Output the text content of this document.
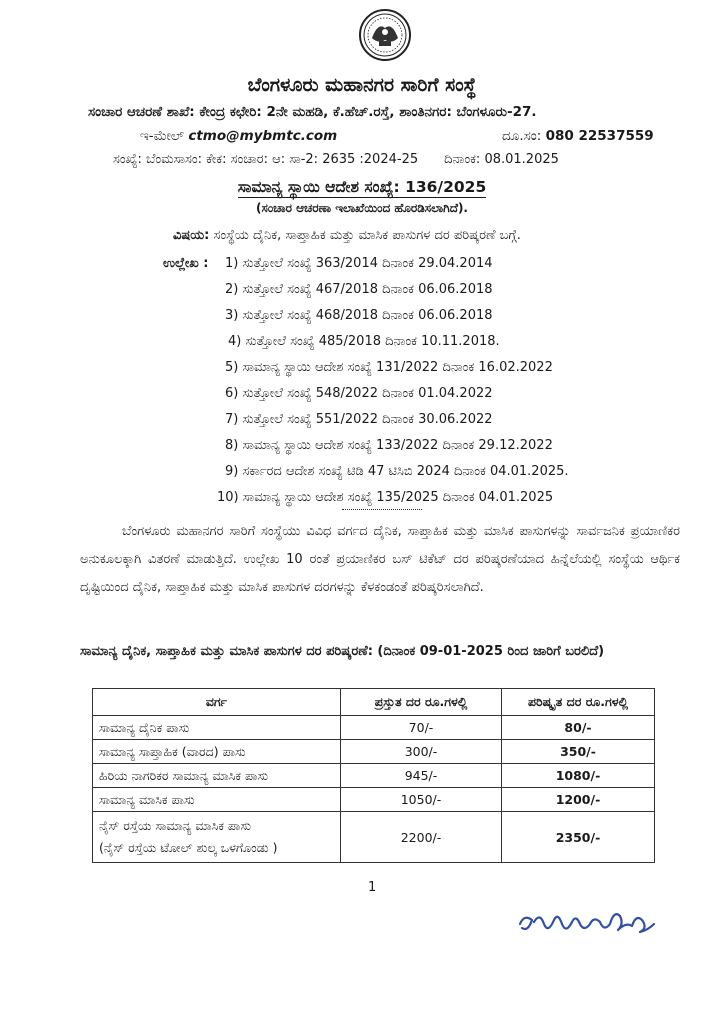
ಬೆಂಗಳೂರು ಮಹಾನಗರ ಸಾರಿಗೆ ಸಂಸ್ಥೆ
ಸಂಚಾರ ಆಚರಣೆ ಶಾಖೆ: ಕೇಂದ್ರ ಕಛೇರಿ: 2ನೇ ಮಹಡಿ, ಕೆ.ಹೆಚ್.ರಸ್ತೆ, ಶಾಂತಿನಗರ: ಬೆಂಗಳೂರು-27.
ಇ-ಮೇಲ್ ctmo@mybmtc.com	ದೂ.ಸಂ: 080 22537559
ಸಂಖ್ಯೆ: ಬೆಂಮಸಾಸಂ: ಕೇಕ: ಸಂಚಾರ: ಆ: ಸಾ-2: 2635 :2024-25 ದಿನಾಂಕ: 08.01.2025
ಸಾಮಾನ್ಯ ಸ್ಥಾಯಿ ಆದೇಶ ಸಂಖ್ಯೆ: 136/2025
(ಸಂಚಾರ ಆಚರಣಾ ಇಲಾಖೆಯಿಂದ ಹೊರಡಿಸಲಾಗಿದೆ).
ವಿಷಯ: ಸಂಸ್ಥೆಯ ದೈನಿಕ, ಸಾಪ್ತಾಹಿಕ ಮತ್ತು ಮಾಸಿಕ ಪಾಸುಗಳ ದರ ಪರಿಷ್ಕರಣೆ ಬಗ್ಗೆ.
ಉಲ್ಲೇಖ : 1) ಸುತ್ತೋಲೆ ಸಂಖ್ಯೆ 363/2014 ದಿನಾಂಕ 29.04.2014
2) ಸುತ್ತೋಲೆ ಸಂಖ್ಯೆ 467/2018 ದಿನಾಂಕ 06.06.2018
3) ಸುತ್ತೋಲೆ ಸಂಖ್ಯೆ 468/2018 ದಿನಾಂಕ 06.06.2018
4) ಸುತ್ತೋಲೆ ಸಂಖ್ಯೆ 485/2018 ದಿನಾಂಕ 10.11.2018.
5) ಸಾಮಾನ್ಯ ಸ್ಥಾಯಿ ಆದೇಶ ಸಂಖ್ಯೆ 131/2022 ದಿನಾಂಕ 16.02.2022
6) ಸುತ್ತೋಲೆ ಸಂಖ್ಯೆ 548/2022 ದಿನಾಂಕ 01.04.2022
7) ಸುತ್ತೋಲೆ ಸಂಖ್ಯೆ 551/2022 ದಿನಾಂಕ 30.06.2022
8) ಸಾಮಾನ್ಯ ಸ್ಥಾಯಿ ಆದೇಶ ಸಂಖ್ಯೆ 133/2022 ದಿನಾಂಕ 29.12.2022
9) ಸರ್ಕಾರದ ಆದೇಶ ಸಂಖ್ಯೆ ಟಿಡಿ 47 ಟಿಸಿಬಿ 2024 ದಿನಾಂಕ 04.01.2025.
10) ಸಾಮಾನ್ಯ ಸ್ಥಾಯಿ ಆದೇಶ ಸಂಖ್ಯೆ 135/2025 ದಿನಾಂಕ 04.01.2025
ಬೆಂಗಳೂರು ಮಹಾನಗರ ಸಾರಿಗೆ ಸಂಸ್ಥೆಯು ವಿವಿಧ ವರ್ಗದ ದೈನಿಕ, ಸಾಪ್ತಾಹಿಕ ಮತ್ತು ಮಾಸಿಕ ಪಾಸುಗಳನ್ನು ಸಾರ್ವಜನಿಕ ಪ್ರಯಾಣಿಕರ ಅನುಕೂಲಕ್ಕಾಗಿ ವಿತರಣೆ ಮಾಡುತ್ತಿದೆ. ಉಲ್ಲೇಖ 10 ರಂತೆ ಪ್ರಯಾಣಿಕರ ಬಸ್ ಟಿಕೆಟ್ ದರ ಪರಿಷ್ಕರಣೆಯಾದ ಹಿನ್ನೆಲೆಯಲ್ಲಿ ಸಂಸ್ಥೆಯ ಆರ್ಥಿಕ ದೃಷ್ಟಿಯಿಂದ ದೈನಿಕ, ಸಾಪ್ತಾಹಿಕ ಮತ್ತು ಮಾಸಿಕ ಪಾಸುಗಳ ದರಗಳನ್ನು ಕೆಳಕಂಡಂತೆ ಪರಿಷ್ಕರಿಸಲಾಗಿದೆ.
ಸಾಮಾನ್ಯ ದೈನಿಕ, ಸಾಪ್ತಾಹಿಕ ಮತ್ತು ಮಾಸಿಕ ಪಾಸುಗಳ ದರ ಪರಿಷ್ಕರಣೆ: (ದಿನಾಂಕ 09-01-2025 ರಿಂದ ಜಾರಿಗೆ ಬರಲಿದೆ)
ವರ್ಗ	ಪ್ರಸ್ತುತ ದರ ರೂ.ಗಳಲ್ಲಿ	ಪರಿಷ್ಕೃತ ದರ ರೂ.ಗಳಲ್ಲಿ
ಸಾಮಾನ್ಯ ದೈನಿಕ ಪಾಸು	70/-	80/-
ಸಾಮಾನ್ಯ ಸಾಪ್ತಾಹಿಕ (ವಾರದ) ಪಾಸು	300/-	350/-
ಹಿರಿಯ ನಾಗರಿಕರ ಸಾಮಾನ್ಯ ಮಾಸಿಕ ಪಾಸು	945/-	1080/-
ಸಾಮಾನ್ಯ ಮಾಸಿಕ ಪಾಸು	1050/-	1200/-

ನೈಸ್ ರಸ್ತೆಯ ಸಾಮಾನ್ಯ ಮಾಸಿಕ ಪಾಸು
(ನೈಸ್ ರಸ್ತೆಯ ಟೋಲ್ ಶುಲ್ಕ ಒಳಗೊಂಡು )	2200/-	2350/-
1
